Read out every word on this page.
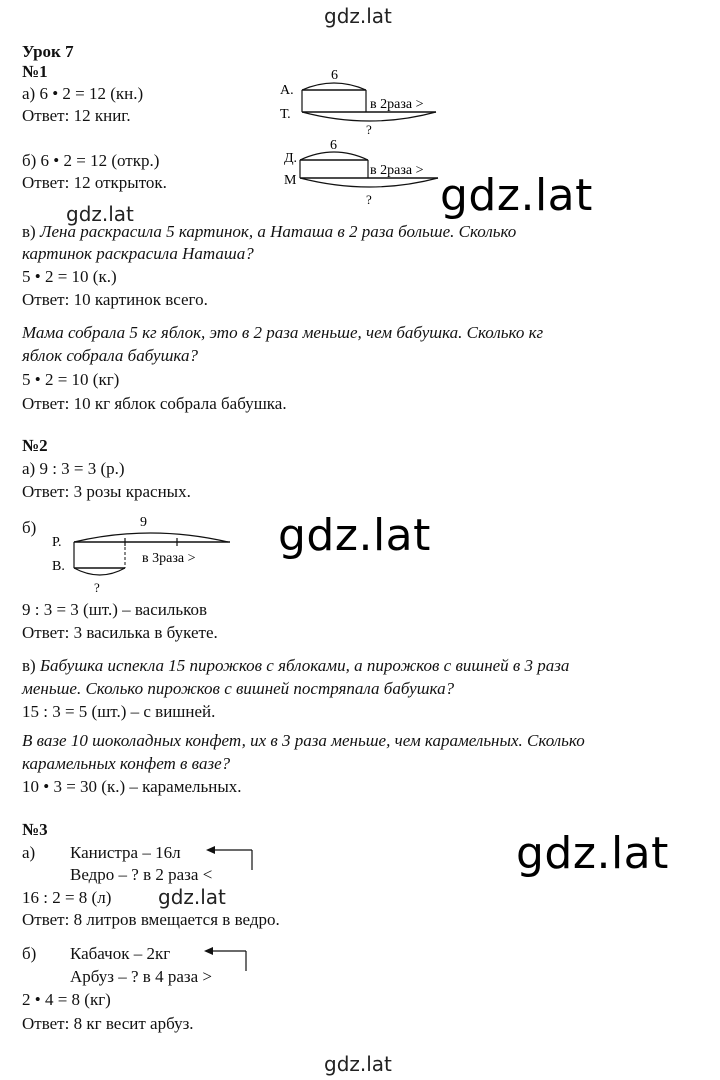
gdz.lat
gdz.lat
gdz.lat
gdz.lat
gdz.lat
gdz.lat
gdz.lat
Урок 7
№1
а) 6 • 2 = 12 (кн.)
Ответ: 12 книг.
А.
Т.
6
в 2раза >
?
б) 6 • 2 = 12 (откр.)
Ответ: 12 открыток.
Д.
М
6
в 2раза >
?
в) Лена раскрасила 5 картинок, а Наташа в 2 раза больше. Сколько
картинок раскрасила Наташа?
5 • 2 = 10 (к.)
Ответ: 10 картинок всего.
Мама собрала 5 кг яблок, это в 2 раза меньше, чем бабушка. Сколько кг
яблок собрала бабушка?
5 • 2 = 10 (кг)
Ответ: 10 кг яблок собрала бабушка.
№2
а) 9 : 3 = 3 (р.)
Ответ: 3 розы красных.
б)
Р.
В.
9
в 3раза >
?
9 : 3 = 3 (шт.) – васильков
Ответ: 3 василька в букете.
в) Бабушка испекла 15 пирожков с яблоками, а пирожков с вишней в 3 раза
меньше. Сколько пирожков с вишней постряпала бабушка?
15 : 3 = 5 (шт.) – с вишней.
В вазе 10 шоколадных конфет, их в 3 раза меньше, чем карамельных. Сколько
карамельных конфет в вазе?
10 • 3 = 30 (к.) – карамельных.
№3
а) Канистра – 16л
Ведро – ? в 2 раза <
16 : 2 = 8 (л)
Ответ: 8 литров вмещается в ведро.
б) Кабачок – 2кг
Арбуз – ? в 4 раза >
2 • 4 = 8 (кг)
Ответ: 8 кг весит арбуз.
